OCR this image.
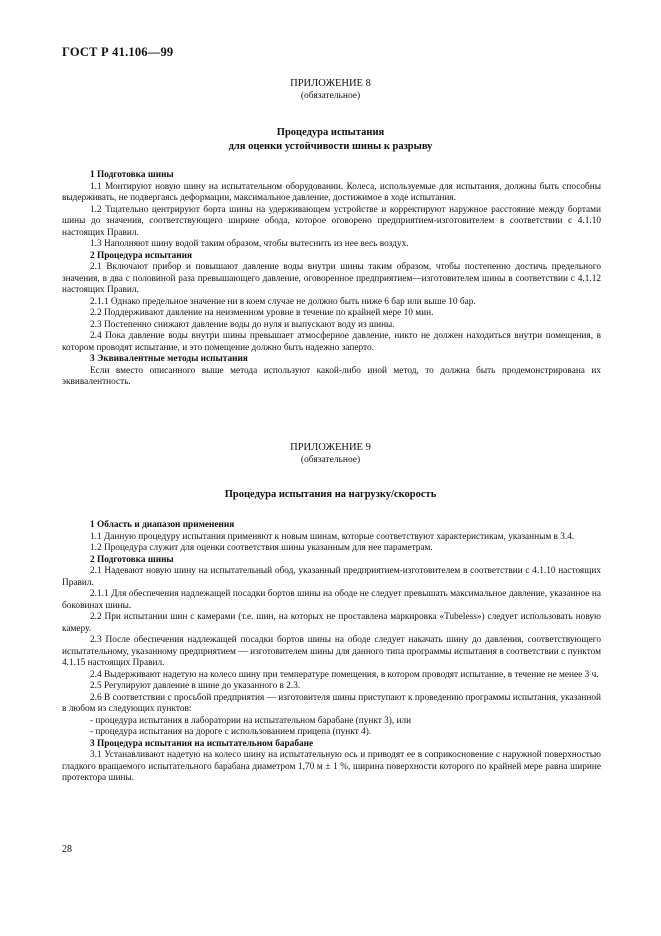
ГОСТ Р 41.106—99
ПРИЛОЖЕНИЕ 8
(обязательное)
Процедура испытания
для оценки устойчивости шины к разрыву

1 Подготовка шины

1.1 Монтируют новую шину на испытательном оборудовании. Колеса, используемые для испытания, должны быть способны выдерживать, не подвергаясь деформации, максимальное давление, достижимое в ходе испытания.

1.2 Тщательно центрируют борта шины на удерживающем устройстве и корректируют наружное расстояние между бортами шины до значения, соответствующего ширине обода, которое оговорено предприятием-изготовителем в соответствии с 4.1.10 настоящих Правил.

1.3 Наполняют шину водой таким образом, чтобы вытеснить из нее весь воздух.

2 Процедура испытания

2.1 Включают прибор и повышают давление воды внутри шины таким образом, чтобы постепенно достичь предельного значения, в два с половиной раза превышающего давление, оговоренное предприятием—изготовителем шины в соответствии с 4.1.12 настоящих Правил.

2.1.1 Однако предельное значение ни в коем случае не должно быть ниже 6 бар или выше 10 бар.

2.2 Поддерживают давление на неизменном уровне в течение по крайней мере 10 мин.

2.3 Постепенно снижают давление воды до нуля и выпускают воду из шины.

2.4 Пока давление воды внутри шины превышает атмосферное давление, никто не должен находиться внутри помещения, в котором проводят испытание, и это помещение должно быть надежно заперто.

3 Эквивалентные методы испытания

Если вместо описанного выше метода используют какой-либо иной метод, то должна быть продемонстрирована их эквивалентность.

ПРИЛОЖЕНИЕ 9
(обязательное)
Процедура испытания на нагрузку/скорость

1 Область и диапазон применения

1.1 Данную процедуру испытания применяют к новым шинам, которые соответствуют характеристикам, указанным в 3.4.

1.2 Процедура служит для оценки соответствия шины указанным для нее параметрам.

2 Подготовка шины

2.1 Надевают новую шину на испытательный обод, указанный предприятием-изготовителем в соответствии с 4.1.10 настоящих Правил.

2.1.1 Для обеспечения надлежащей посадки бортов шины на ободе не следует превышать максимальное давление, указанное на боковинах шины.

2.2 При испытании шин с камерами (т.е. шин, на которых не проставлена маркировка «Tubeless») следует использовать новую камеру.

2.3 После обеспечения надлежащей посадки бортов шины на ободе следует накачать шину до давления, соответствующего испытательному, указанному предприятием — изготовителем шины для данного типа программы испытания в соответствии с пунктом 4.1.15 настоящих Правил.

2.4 Выдерживают надетую на колесо шину при температуре помещения, в котором проводят испытание, в течение не менее 3 ч.

2.5 Регулируют давление в шине до указанного в 2.3.

2.6 В соответствии с просьбой предприятия — изготовителя шины приступают к проведению программы испытания, указанной в любом из следующих пунктов:

- процедура испытания в лаборатории на испытательном барабане (пункт 3), или

- процедура испытания на дороге с использованием прицепа (пункт 4).

3 Процедура испытания на испытательном барабане

3.1 Устанавливают надетую на колесо шину на испытательную ось и приводят ее в соприкосновение с наружной поверхностью гладкого вращаемого испытательного барабана диаметром 1,70 м ± 1 %, ширина поверхности которого по крайней мере равна ширине протектора шины.

28
